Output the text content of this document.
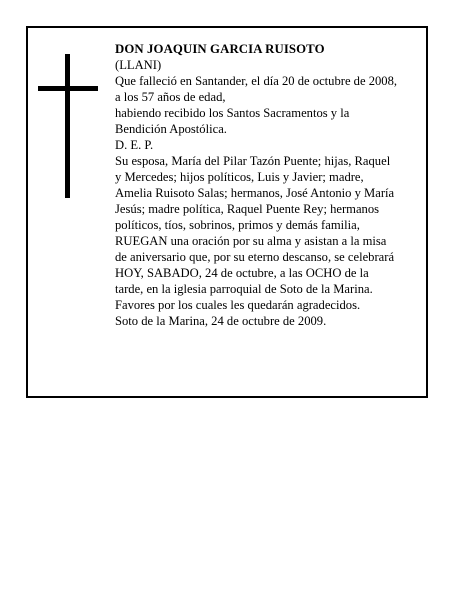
DON JOAQUIN GARCIA RUISOTO

(LLANI)

Que falleció en Santander, el día 20 de octubre de 2008,

a los 57 años de edad,

habiendo recibido los Santos Sacramentos y la

Bendición Apostólica.

D. E. P.

Su esposa, María del Pilar Tazón Puente; hijas, Raquel

y Mercedes; hijos políticos, Luis y Javier; madre,

Amelia Ruisoto Salas; hermanos, José Antonio y María

Jesús; madre política, Raquel Puente Rey; hermanos

políticos, tíos, sobrinos, primos y demás familia,

RUEGAN una oración por su alma y asistan a la misa

de aniversario que, por su eterno descanso, se celebrará

HOY, SABADO, 24 de octubre, a las OCHO de la

tarde, en la iglesia parroquial de Soto de la Marina.

Favores por los cuales les quedarán agradecidos.

Soto de la Marina, 24 de octubre de 2009.
